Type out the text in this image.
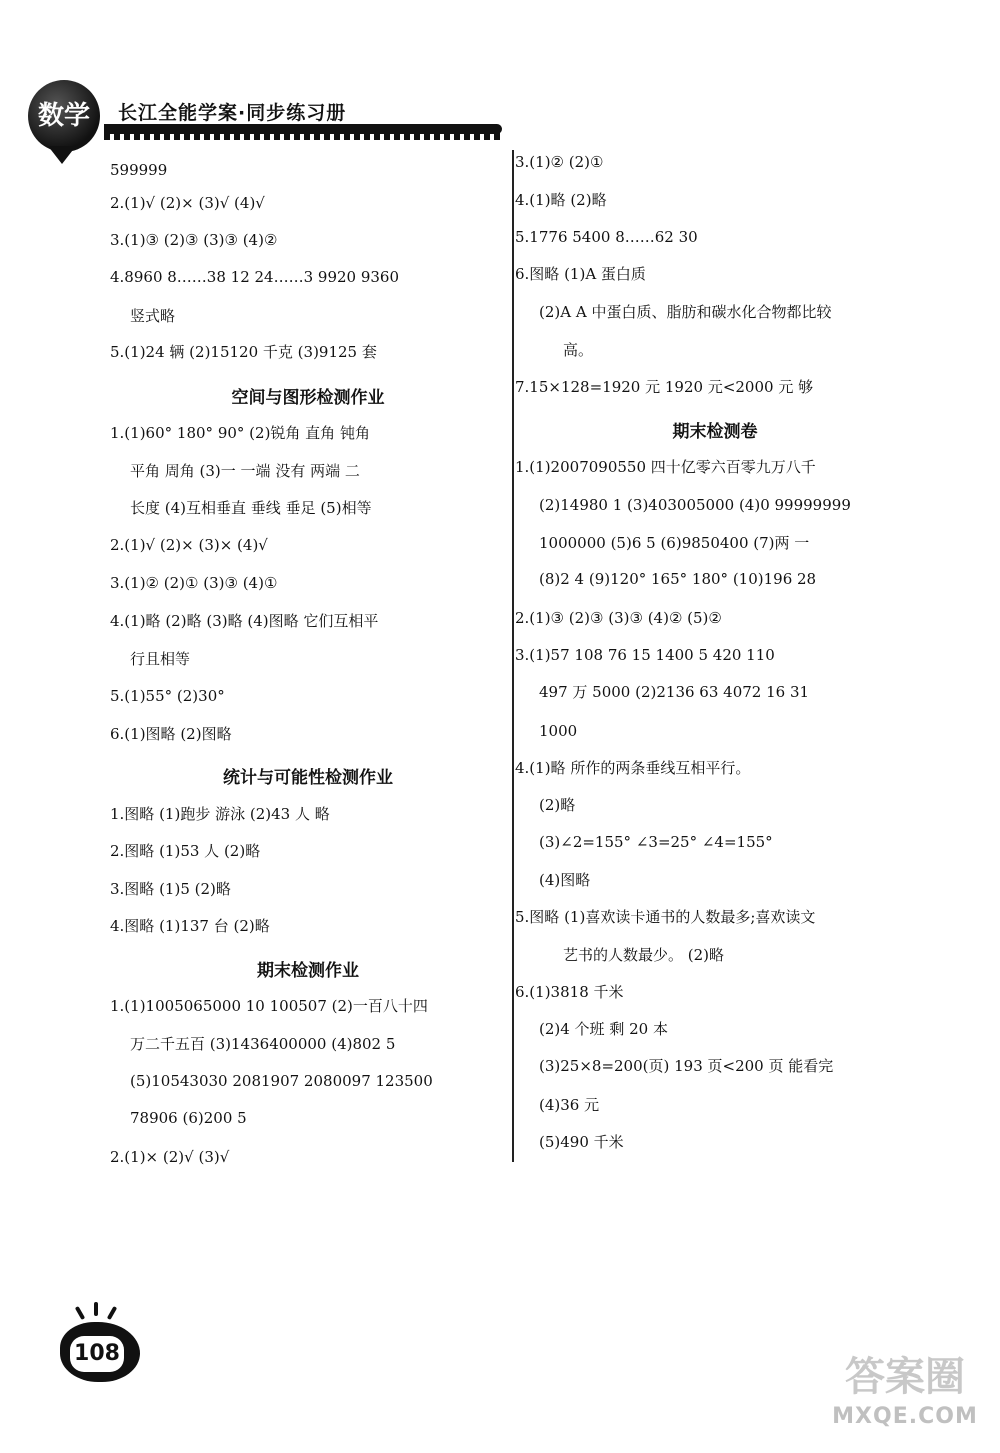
数学	长江全能学案·同步练习册
599999
2.(1)√ (2)× (3)√ (4)√
3.(1)③ (2)③ (3)③ (4)②
4.8960 8……38 12 24……3 9920 9360
竖式略
5.(1)24 辆 (2)15120 千克 (3)9125 套
空间与图形检测作业
1.(1)60° 180° 90° (2)锐角 直角 钝角
平角 周角 (3)一 一端 没有 两端 二
长度 (4)互相垂直 垂线 垂足 (5)相等
2.(1)√ (2)× (3)× (4)√
3.(1)② (2)① (3)③ (4)①
4.(1)略 (2)略 (3)略 (4)图略 它们互相平
行且相等
5.(1)55° (2)30°
6.(1)图略 (2)图略
统计与可能性检测作业
1.图略 (1)跑步 游泳 (2)43 人 略
2.图略 (1)53 人 (2)略
3.图略 (1)5 (2)略
4.图略 (1)137 台 (2)略
期末检测作业
1.(1)1005065000 10 100507 (2)一百八十四
万二千五百 (3)1436400000 (4)802 5
(5)10543030 2081907 2080097 123500
78906 (6)200 5
2.(1)× (2)√ (3)√
3.(1)② (2)①
4.(1)略 (2)略
5.1776 5400 8……62 30
6.图略 (1)A 蛋白质
(2)A A 中蛋白质、脂肪和碳水化合物都比较
高。
7.15×128=1920 元 1920 元<2000 元 够
期末检测卷
1.(1)2007090550 四十亿零六百零九万八千
(2)14980 1 (3)403005000 (4)0 99999999
1000000 (5)6 5 (6)9850400 (7)两 一
(8)2 4 (9)120° 165° 180° (10)196 28
2.(1)③ (2)③ (3)③ (4)② (5)②
3.(1)57 108 76 15 1400 5 420 110
497 万 5000 (2)2136 63 4072 16 31
1000
4.(1)略 所作的两条垂线互相平行。
(2)略
(3)∠2=155° ∠3=25° ∠4=155°
(4)图略
5.图略 (1)喜欢读卡通书的人数最多;喜欢读文
艺书的人数最少。 (2)略
6.(1)3818 千米
(2)4 个班 剩 20 本
(3)25×8=200(页) 193 页<200 页 能看完
(4)36 元
(5)490 千米
108
答案圈
MXQE.COM
